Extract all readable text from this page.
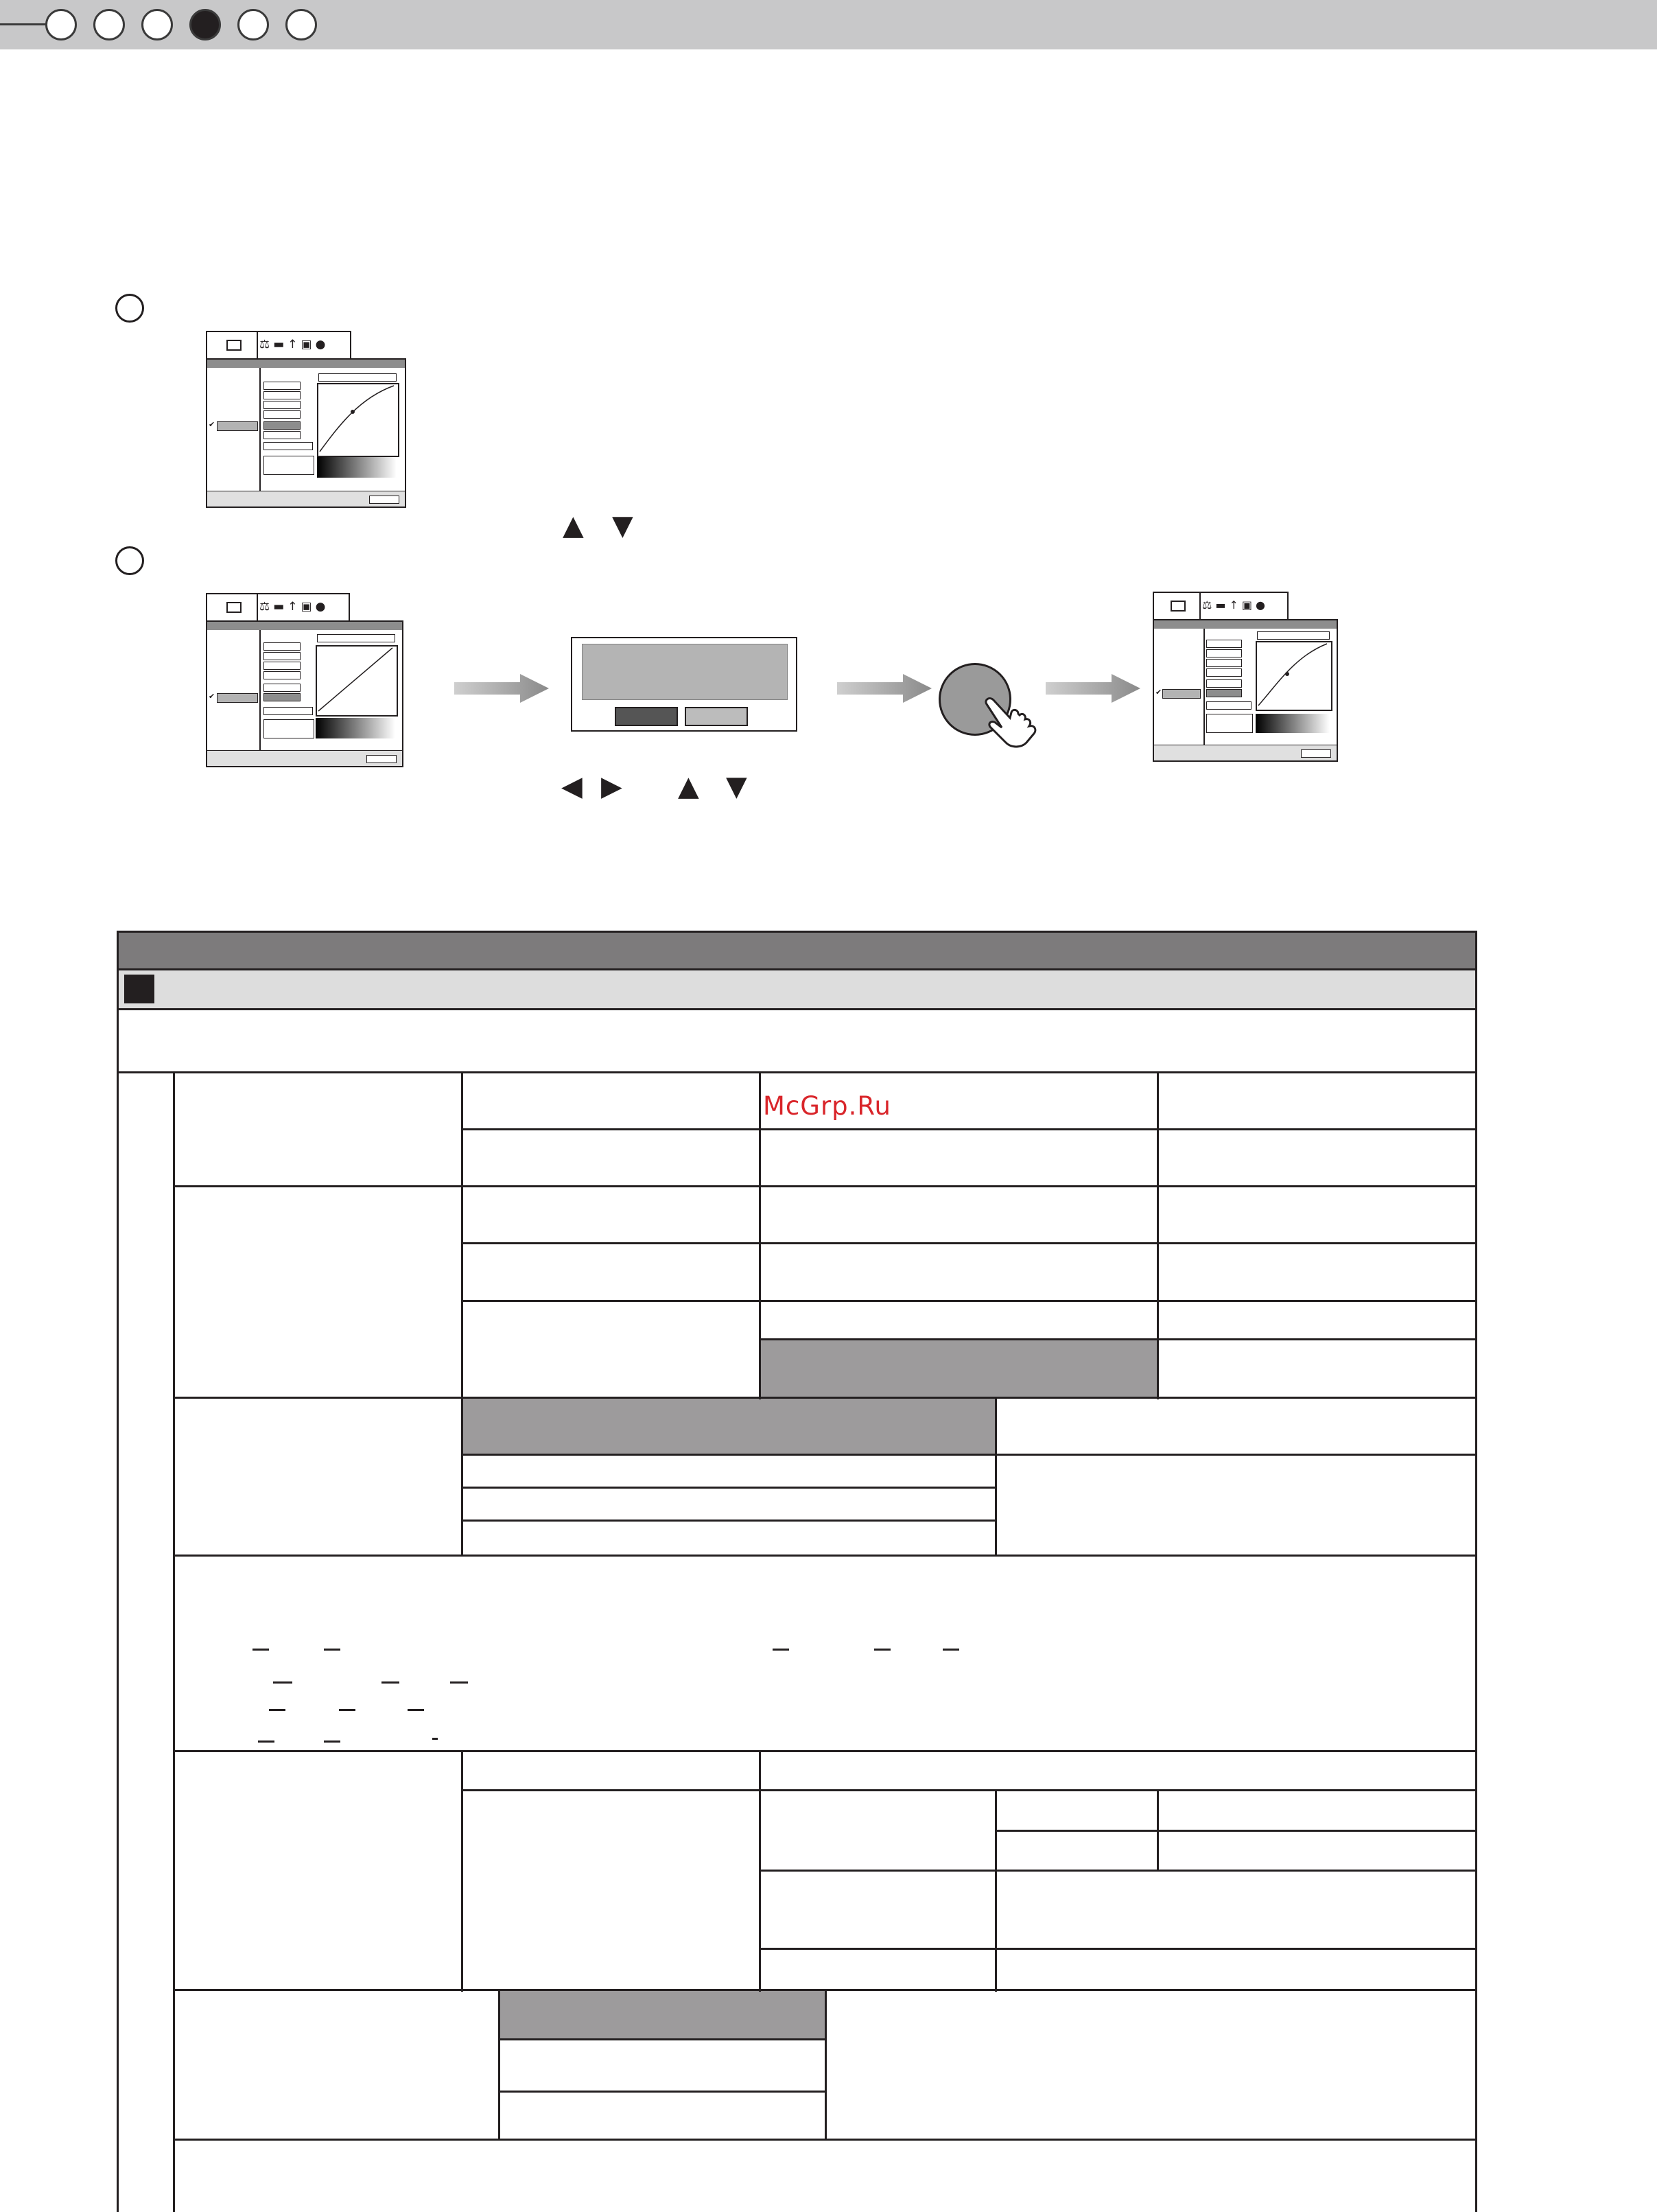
⚖▬↑▣●
✔
▲ ▼
⚖▬↑▣●
✔
⚖▬↑▣●
✔
◀ ▶ ▲ ▼
McGrp.Ru
